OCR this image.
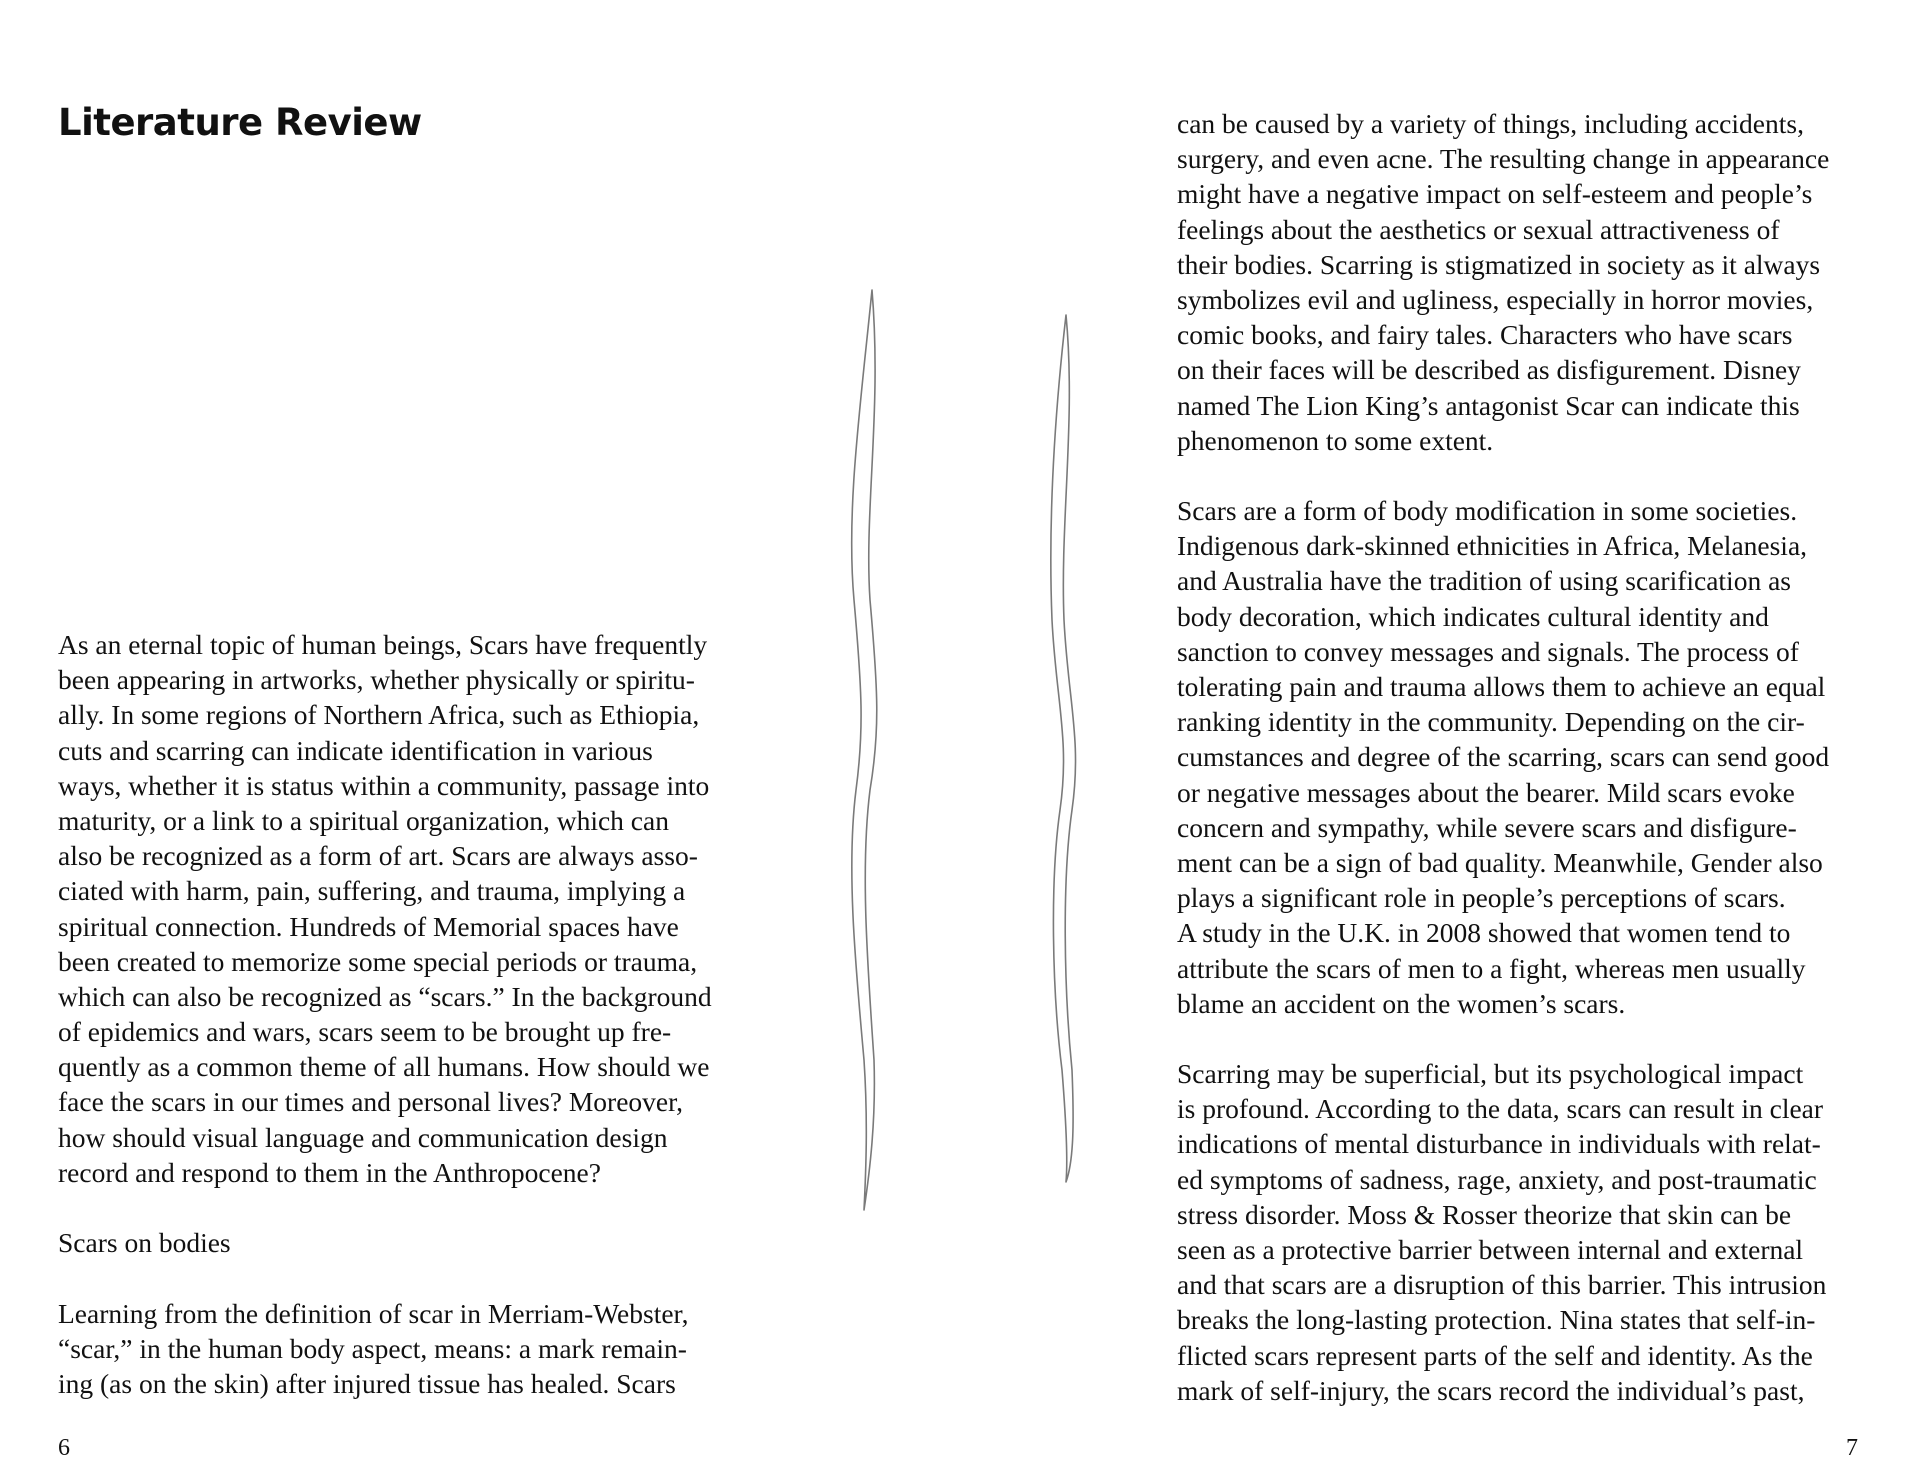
Literature Review
As an eternal topic of human beings, Scars have frequently
been appearing in artworks, whether physically or spiritu-
ally. In some regions of Northern Africa, such as Ethiopia,
cuts and scarring can indicate identification in various
ways, whether it is status within a community, passage into
maturity, or a link to a spiritual organization, which can
also be recognized as a form of art. Scars are always asso-
ciated with harm, pain, suffering, and trauma, implying a
spiritual connection. Hundreds of Memorial spaces have
been created to memorize some special periods or trauma,
which can also be recognized as “scars.” In the background
of epidemics and wars, scars seem to be brought up fre-
quently as a common theme of all humans. How should we
face the scars in our times and personal lives? Moreover,
how should visual language and communication design
record and respond to them in the Anthropocene?
Scars on bodies
Learning from the definition of scar in Merriam-Webster,
“scar,” in the human body aspect, means: a mark remain-
ing (as on the skin) after injured tissue has healed. Scars
can be caused by a variety of things, including accidents,
surgery, and even acne. The resulting change in appearance
might have a negative impact on self-esteem and people’s
feelings about the aesthetics or sexual attractiveness of
their bodies. Scarring is stigmatized in society as it always
symbolizes evil and ugliness, especially in horror movies,
comic books, and fairy tales. Characters who have scars
on their faces will be described as disfigurement. Disney
named The Lion King’s antagonist Scar can indicate this
phenomenon to some extent.
Scars are a form of body modification in some societies.
Indigenous dark-skinned ethnicities in Africa, Melanesia,
and Australia have the tradition of using scarification as
body decoration, which indicates cultural identity and
sanction to convey messages and signals. The process of
tolerating pain and trauma allows them to achieve an equal
ranking identity in the community. Depending on the cir-
cumstances and degree of the scarring, scars can send good
or negative messages about the bearer. Mild scars evoke
concern and sympathy, while severe scars and disfigure-
ment can be a sign of bad quality. Meanwhile, Gender also
plays a significant role in people’s perceptions of scars.
A study in the U.K. in 2008 showed that women tend to
attribute the scars of men to a fight, whereas men usually
blame an accident on the women’s scars.
Scarring may be superficial, but its psychological impact
is profound. According to the data, scars can result in clear
indications of mental disturbance in individuals with relat-
ed symptoms of sadness, rage, anxiety, and post-traumatic
stress disorder. Moss & Rosser theorize that skin can be
seen as a protective barrier between internal and external
and that scars are a disruption of this barrier. This intrusion
breaks the long-lasting protection. Nina states that self-in-
flicted scars represent parts of the self and identity. As the
mark of self-injury, the scars record the individual’s past,
6	7
